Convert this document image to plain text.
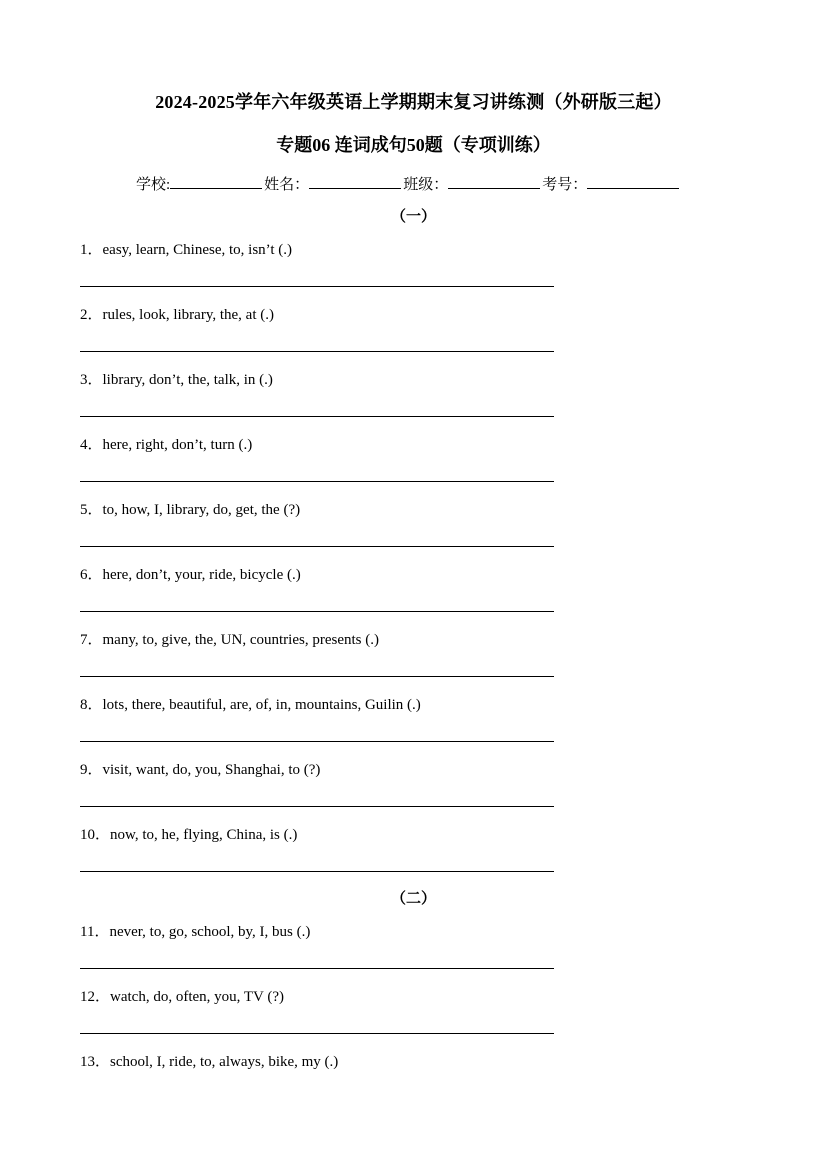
2024-2025学年六年级英语上学期期末复习讲练测（外研版三起）
专题06 连词成句50题（专项训练）
学校:	姓名：	班级：	考号：
（一）
1．easy, learn, Chinese, to, isn’t (.)
2．rules, look, library, the, at (.)
3．library, don’t, the, talk, in (.)
4．here, right, don’t, turn (.)
5．to, how, I, library, do, get, the (?)
6．here, don’t, your, ride, bicycle (.)
7．many, to, give, the, UN, countries, presents (.)
8．lots, there, beautiful, are, of, in, mountains, Guilin (.)
9．visit, want, do, you, Shanghai, to (?)
10．now, to, he, flying, China, is (.)
（二）
11．never, to, go, school, by, I, bus (.)
12．watch, do, often, you, TV (?)
13．school, I, ride, to, always, bike, my (.)
